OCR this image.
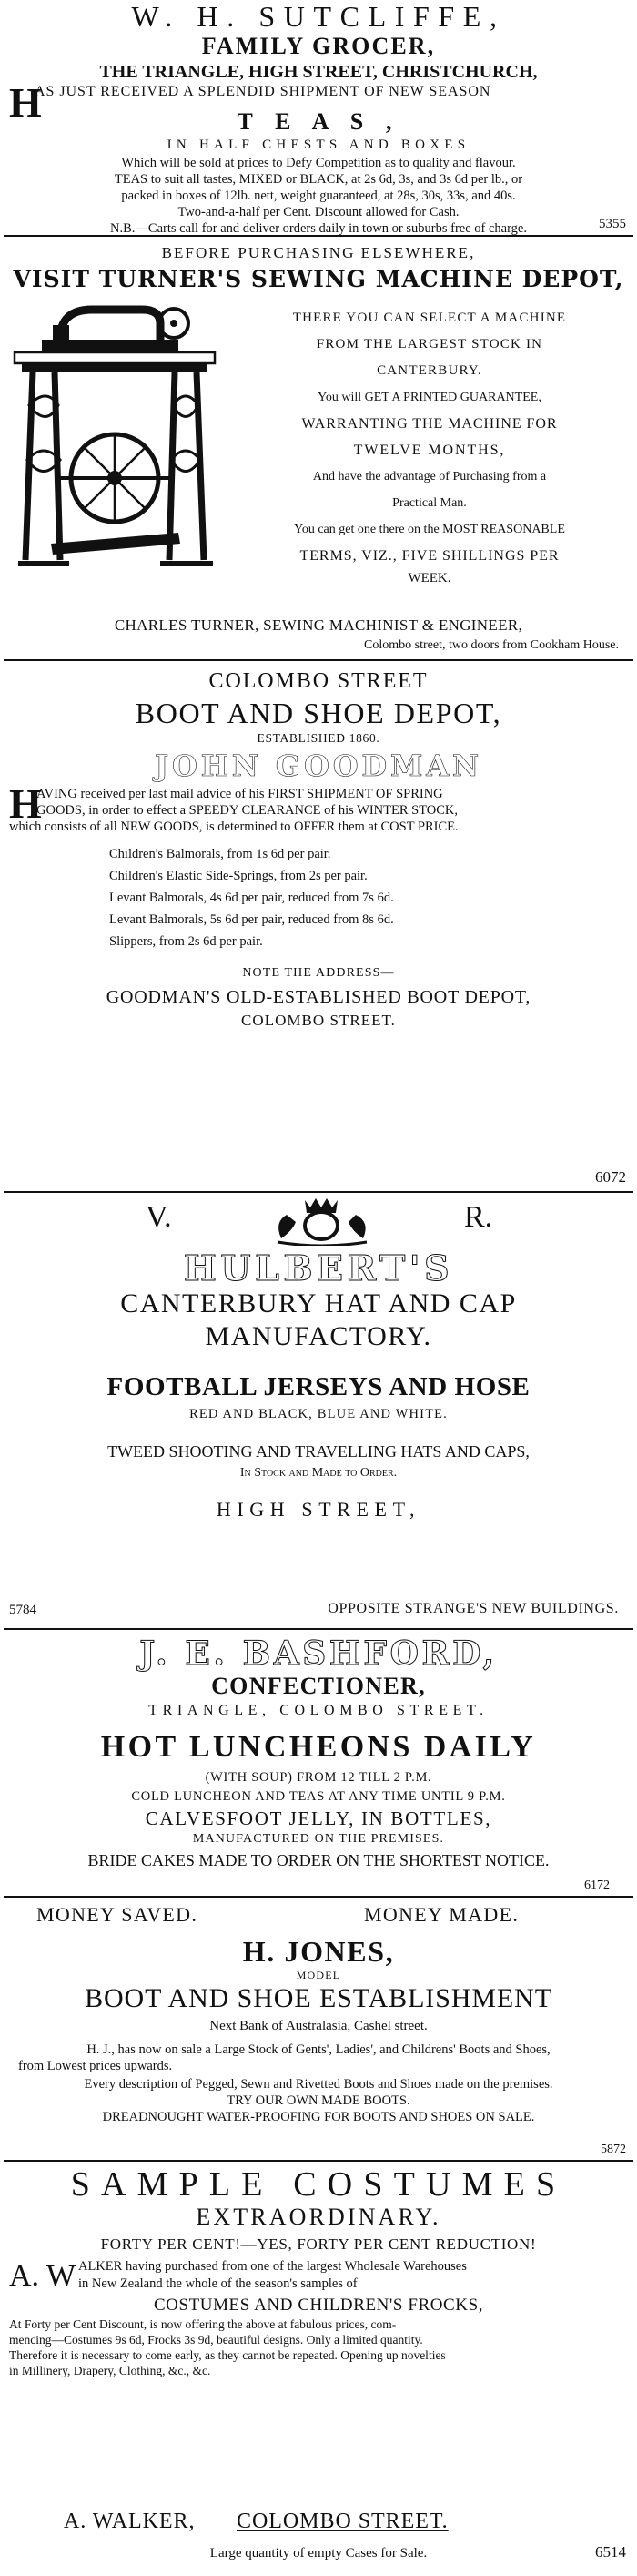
W. H. SUTCLIFFE,
FAMILY GROCER,
THE TRIANGLE, HIGH STREET, CHRISTCHURCH,
H
AS JUST RECEIVED A SPLENDID SHIPMENT OF NEW SEASON
T E A S ,
IN HALF CHESTS AND BOXES
Which will be sold at prices to Defy Competition as to quality and flavour.
TEAS to suit all tastes, MIXED or BLACK, at 2s 6d, 3s, and 3s 6d per lb., or
packed in boxes of 12lb. nett, weight guaranteed, at 28s, 30s, 33s, and 40s.
Two-and-a-half per Cent. Discount allowed for Cash.
N.B.—Carts call for and deliver orders daily in town or suburbs free of charge.	5355
BEFORE PURCHASING ELSEWHERE,
VISIT TURNER'S SEWING MACHINE DEPOT,
THERE YOU CAN SELECT A MACHINE
FROM THE LARGEST STOCK IN
CANTERBURY.
You will GET A PRINTED GUARANTEE,
WARRANTING THE MACHINE FOR
TWELVE MONTHS,
And have the advantage of Purchasing from a
Practical Man.
You can get one there on the MOST REASONABLE
TERMS, VIZ., FIVE SHILLINGS PER
WEEK.
CHARLES TURNER, SEWING MACHINIST & ENGINEER,
Colombo street, two doors from Cookham House.
COLOMBO STREET
BOOT AND SHOE DEPOT,
ESTABLISHED 1860.
JOHN GOODMAN
H
AVING received per last mail advice of his FIRST SHIPMENT OF SPRING
GOODS, in order to effect a SPEEDY CLEARANCE of his WINTER STOCK,
which consists of all NEW GOODS, is determined to OFFER them at COST PRICE.
Children's Balmorals, from 1s 6d per pair.
Children's Elastic Side-Springs, from 2s per pair.
Levant Balmorals, 4s 6d per pair, reduced from 7s 6d.
Levant Balmorals, 5s 6d per pair, reduced from 8s 6d.
Slippers, from 2s 6d per pair.
NOTE THE ADDRESS—
GOODMAN'S OLD-ESTABLISHED BOOT DEPOT,
COLOMBO STREET.
6072
V.	R.
HULBERT'S
CANTERBURY HAT AND CAP
MANUFACTORY.
FOOTBALL JERSEYS AND HOSE
RED AND BLACK, BLUE AND WHITE.
TWEED SHOOTING AND TRAVELLING HATS AND CAPS,
In Stock and Made to Order.
HIGH STREET,
5784	OPPOSITE STRANGE'S NEW BUILDINGS.
J. E. BASHFORD,
CONFECTIONER,
TRIANGLE, COLOMBO STREET.
HOT LUNCHEONS DAILY
(WITH SOUP) FROM 12 TILL 2 P.M.
COLD LUNCHEON AND TEAS AT ANY TIME UNTIL 9 P.M.
CALVESFOOT JELLY, IN BOTTLES,
MANUFACTURED ON THE PREMISES.
BRIDE CAKES MADE TO ORDER ON THE SHORTEST NOTICE.
6172
MONEY SAVED.	MONEY MADE.
H. JONES,
MODEL
BOOT AND SHOE ESTABLISHMENT
Next Bank of Australasia, Cashel street.
H. J., has now on sale a Large Stock of Gents', Ladies', and Childrens' Boots and Shoes,
from Lowest prices upwards.
Every description of Pegged, Sewn and Rivetted Boots and Shoes made on the premises.
TRY OUR OWN MADE BOOTS.
DREADNOUGHT WATER-PROOFING FOR BOOTS AND SHOES ON SALE.
5872
SAMPLE COSTUMES
EXTRAORDINARY.
FORTY PER CENT!—YES, FORTY PER CENT REDUCTION!
A. W ALKER having purchased from one of the largest Wholesale Warehouses
in New Zealand the whole of the season's samples of
COSTUMES AND CHILDREN'S FROCKS,
At Forty per Cent Discount, is now offering the above at fabulous prices, com-
mencing—Costumes 9s 6d, Frocks 3s 9d, beautiful designs. Only a limited quantity.
Therefore it is necessary to come early, as they cannot be repeated. Opening up novelties
in Millinery, Drapery, Clothing, &c., &c.
A. WALKER, COLOMBO STREET.
Large quantity of empty Cases for Sale.	6514
